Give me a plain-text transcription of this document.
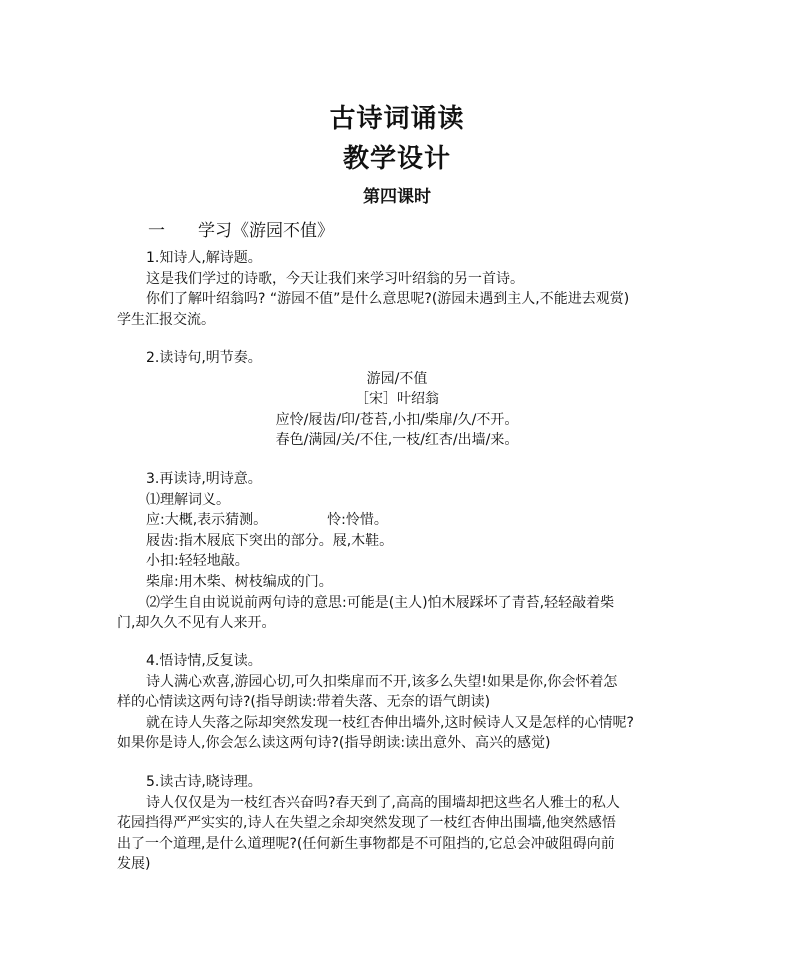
古诗词诵读
教学设计
第四课时
一 学习《游园不值》

1.知诗人,解诗题。

这是我们学过的诗歌，今天让我们来学习叶绍翁的另一首诗。

你们了解叶绍翁吗? “游园不值”是什么意思呢?(游园未遇到主人,不能进去观赏)

学生汇报交流。

2.读诗句,明节奏。

游园/不值

［宋］叶绍翁

应怜/屐齿/印/苍苔,小扣/柴扉/久/不开。

春色/满园/关/不住,一枝/红杏/出墙/来。

3.再读诗,明诗意。

⑴理解词义。

应:大概,表示猜测。	怜:怜惜。

屐齿:指木屐底下突出的部分。屐,木鞋。

小扣:轻轻地敲。

柴扉:用木柴、树枝编成的门。

⑵学生自由说说前两句诗的意思:可能是(主人)怕木屐踩坏了青苔,轻轻敲着柴

门,却久久不见有人来开。

4.悟诗情,反复读。

诗人满心欢喜,游园心切,可久扣柴扉而不开,该多么失望!如果是你,你会怀着怎

样的心情读这两句诗?(指导朗读:带着失落、无奈的语气朗读)

就在诗人失落之际却突然发现一枝红杏伸出墙外,这时候诗人又是怎样的心情呢?

如果你是诗人,你会怎么读这两句诗?(指导朗读:读出意外、高兴的感觉)

5.读古诗,晓诗理。

诗人仅仅是为一枝红杏兴奋吗?春天到了,高高的围墙却把这些名人雅士的私人

花园挡得严严实实的,诗人在失望之余却突然发现了一枝红杏伸出围墙,他突然感悟

出了一个道理,是什么道理呢?(任何新生事物都是不可阻挡的,它总会冲破阻碍向前

发展)
